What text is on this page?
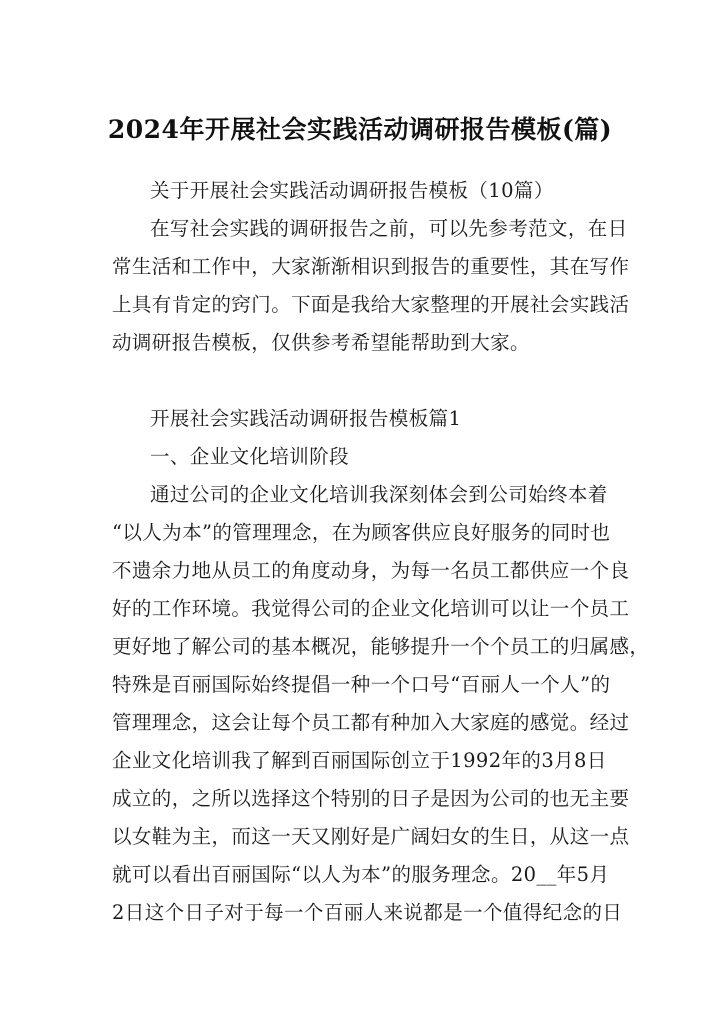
2024年开展社会实践活动调研报告模板(篇)
关于开展社会实践活动调研报告模板（10篇）
在写社会实践的调研报告之前，可以先参考范文，在日
常生活和工作中，大家渐渐相识到报告的重要性，其在写作
上具有肯定的窍门。下面是我给大家整理的开展社会实践活
动调研报告模板，仅供参考希望能帮助到大家。
开展社会实践活动调研报告模板篇1
一、企业文化培训阶段
通过公司的企业文化培训我深刻体会到公司始终本着
“以人为本”的管理理念，在为顾客供应良好服务的同时也
不遗余力地从员工的角度动身，为每一名员工都供应一个良
好的工作环境。我觉得公司的企业文化培训可以让一个员工
更好地了解公司的基本概况，能够提升一个个员工的归属感，
特殊是百丽国际始终提倡一种一个口号“百丽人一个人”的
管理理念，这会让每个员工都有种加入大家庭的感觉。经过
企业文化培训我了解到百丽国际创立于1992年的3月8日
成立的，之所以选择这个特别的日子是因为公司的也无主要
以女鞋为主，而这一天又刚好是广阔妇女的生日，从这一点
就可以看出百丽国际“以人为本”的服务理念。20__年5月
2日这个日子对于每一个百丽人来说都是一个值得纪念的日
